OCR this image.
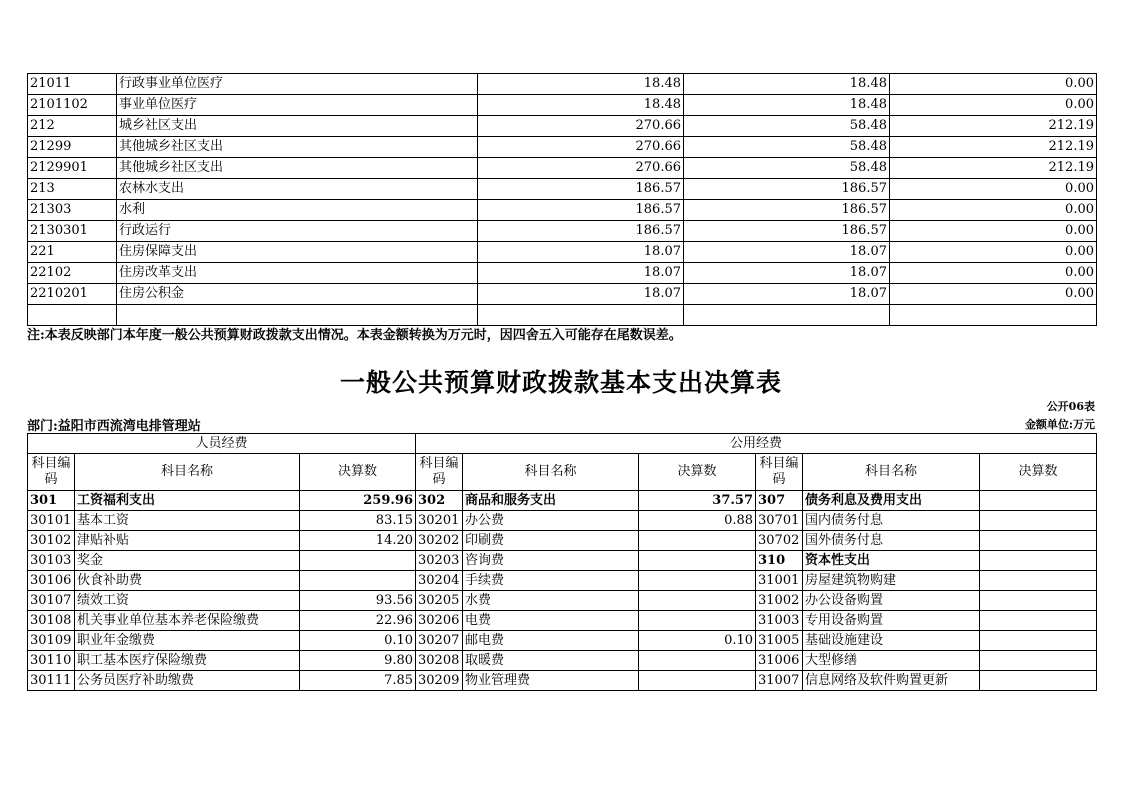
21011	行政事业单位医疗	18.48	18.48	0.00
2101102	事业单位医疗	18.48	18.48	0.00
212	城乡社区支出	270.66	58.48	212.19
21299	其他城乡社区支出	270.66	58.48	212.19
2129901	其他城乡社区支出	270.66	58.48	212.19
213	农林水支出	186.57	186.57	0.00
21303	水利	186.57	186.57	0.00
2130301	行政运行	186.57	186.57	0.00
221	住房保障支出	18.07	18.07	0.00
22102	住房改革支出	18.07	18.07	0.00
2210201	住房公积金	18.07	18.07	0.00

注:本表反映部门本年度一般公共预算财政拨款支出情况。本表金额转换为万元时，因四舍五入可能存在尾数误差。
一般公共预算财政拨款基本支出决算表
公开06表
部门:益阳市西流湾电排管理站	金额单位:万元
人员经费			公用经费					
科目编码	科目名称	决算数	科目编码	科目名称	决算数	科目编码	科目名称	决算数
301	工资福利支出	259.96	302	商品和服务支出	37.57	307	债务利息及费用支出	
30101	基本工资	83.15	30201	办公费	0.88	30701	国内债务付息	
30102	津贴补贴	14.20	30202	印刷费		30702	国外债务付息	
30103	奖金		30203	咨询费		310	资本性支出	
30106	伙食补助费		30204	手续费		31001	房屋建筑物购建	
30107	绩效工资	93.56	30205	水费		31002	办公设备购置	
30108	机关事业单位基本养老保险缴费	22.96	30206	电费		31003	专用设备购置	
30109	职业年金缴费	0.10	30207	邮电费	0.10	31005	基础设施建设	
30110	职工基本医疗保险缴费	9.80	30208	取暖费		31006	大型修缮	
30111	公务员医疗补助缴费	7.85	30209	物业管理费		31007	信息网络及软件购置更新	
